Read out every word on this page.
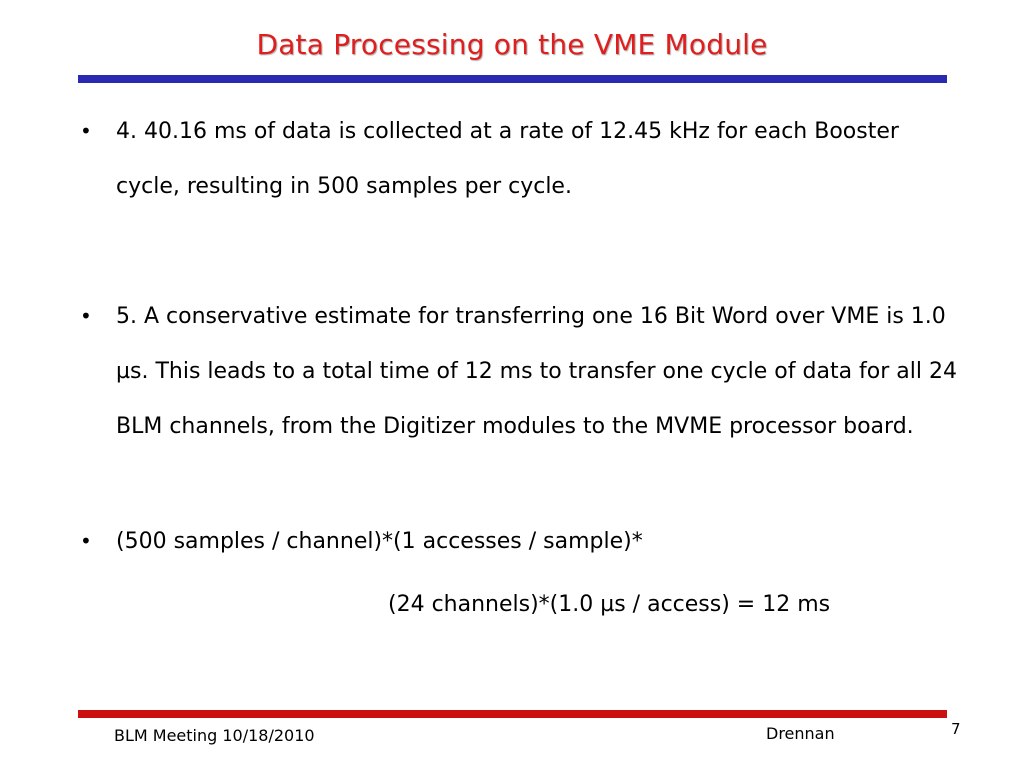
Data Processing on the VME Module
• 4. 40.16 ms of data is collected at a rate of 12.45 kHz for each Booster cycle, resulting in 500 samples per cycle.
• 5. A conservative estimate for transferring one 16 Bit Word over VME is 1.0 µs. This leads to a total time of 12 ms to transfer one cycle of data for all 24 BLM channels, from the Digitizer modules to the MVME processor board.
• (500 samples / channel)*(1 accesses / sample)*
(24 channels)*(1.0 µs / access) = 12 ms
BLM Meeting 10/18/2010	Drennan	7
